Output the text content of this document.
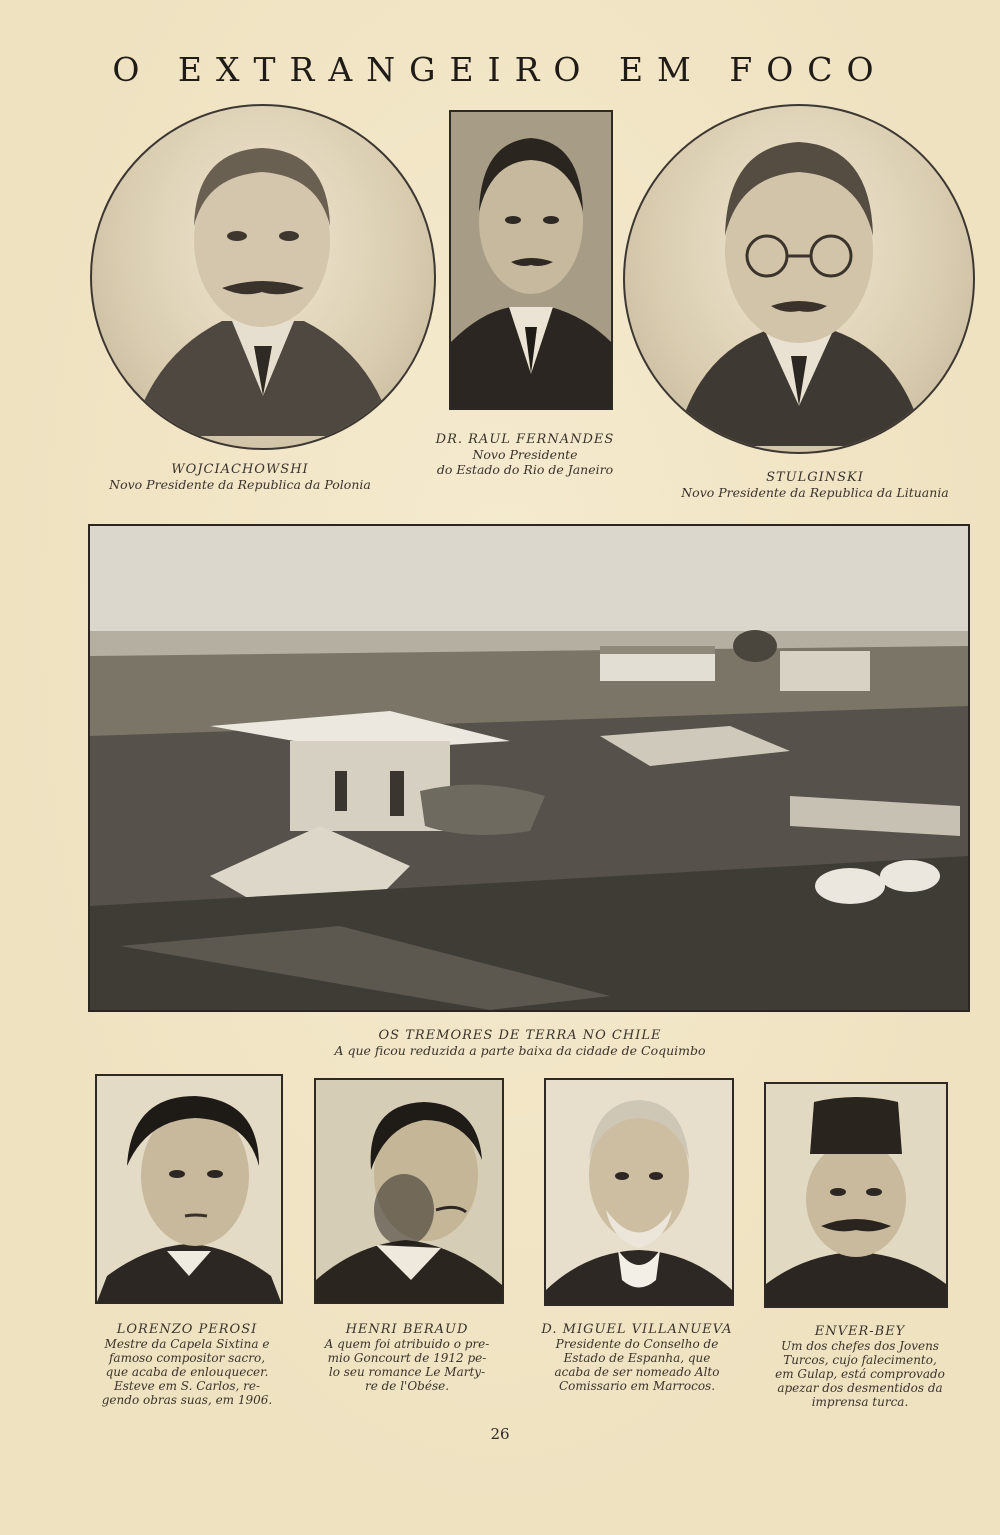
O EXTRANGEIRO EM FOCO
WOJCIACHOWSHI
Novo Presidente da Republica da Polonia
DR. RAUL FERNANDES
Novo Presidente
do Estado do Rio de Janeiro
STULGINSKI
Novo Presidente da Republica da Lituania
OS TREMORES DE TERRA NO CHILE
A que ficou reduzida a parte baixa da cidade de Coquimbo
LORENZO PEROSI
Mestre da Capela Sixtina e
famoso compositor sacro,
que acaba de enlouquecer.
Esteve em S. Carlos, re-
gendo obras suas, em 1906.
HENRI BERAUD
A quem foi atribuido o pre-
mio Goncourt de 1912 pe-
lo seu romance Le Marty-
re de l'Obése.
D. MIGUEL VILLANUEVA
Presidente do Conselho de
Estado de Espanha, que
acaba de ser nomeado Alto
Comissario em Marrocos.
ENVER-BEY
Um dos chefes dos Jovens
Turcos, cujo falecimento,
em Gulap, está comprovado
apezar dos desmentidos da
imprensa turca.
26
